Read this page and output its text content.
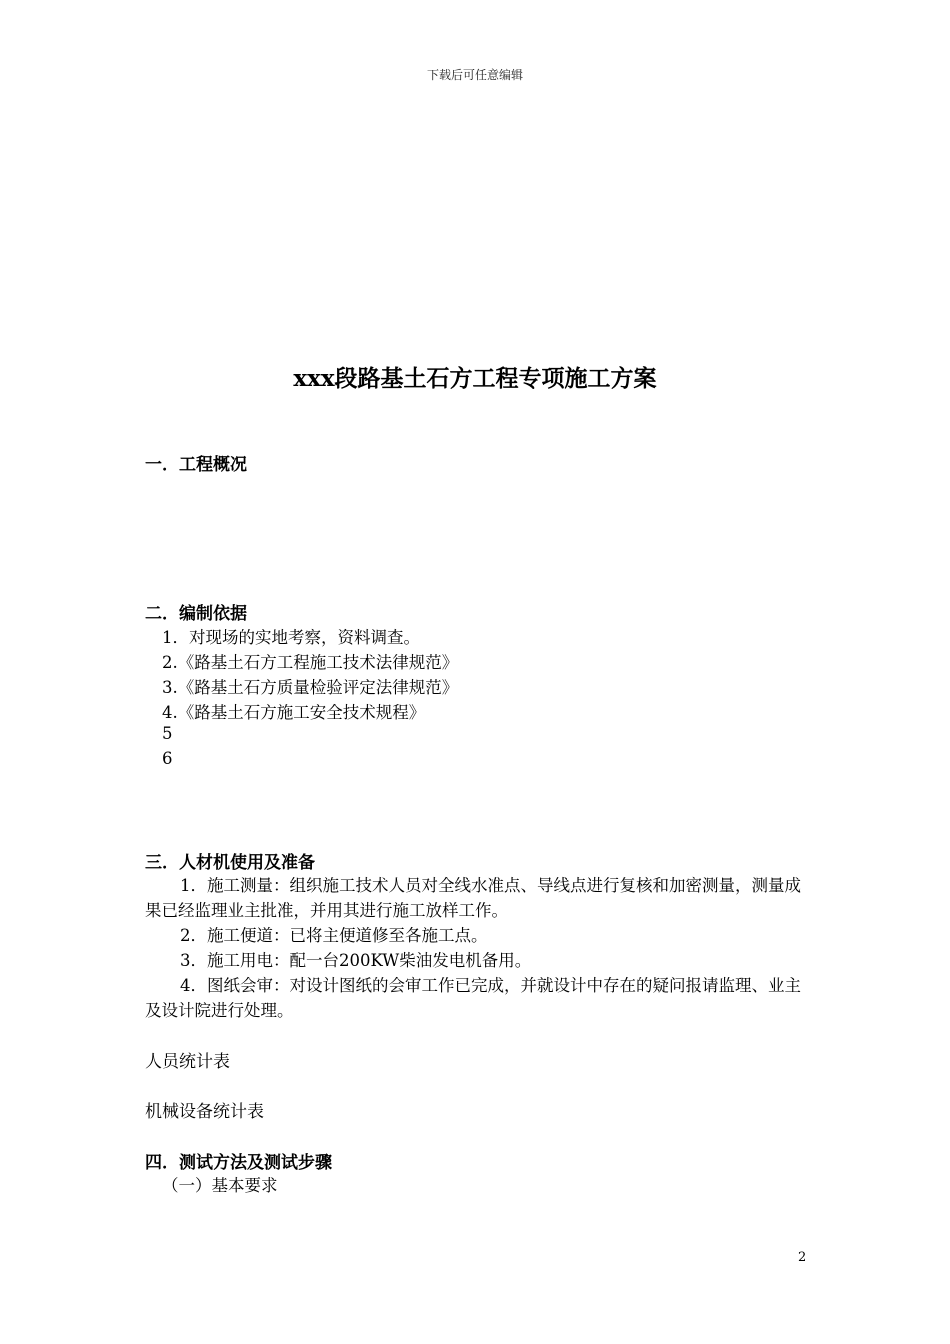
下载后可任意编辑
xxx段路基土石方工程专项施工方案
一．工程概况
二．编制依据
1．对现场的实地考察，资料调查。
2.《路基土石方工程施工技术法律规范》
3.《路基土石方质量检验评定法律规范》
4.《路基土石方施工安全技术规程》
5
6
三．人材机使用及准备
1．施工测量：组织施工技术人员对全线水准点、导线点进行复核和加密测量，测量成果已经监理业主批准，并用其进行施工放样工作。
2．施工便道：已将主便道修至各施工点。
3．施工用电：配一台200KW柴油发电机备用。
4．图纸会审：对设计图纸的会审工作已完成，并就设计中存在的疑问报请监理、业主及设计院进行处理。
人员统计表
机械设备统计表
四．测试方法及测试步骤
（一）基本要求
2
